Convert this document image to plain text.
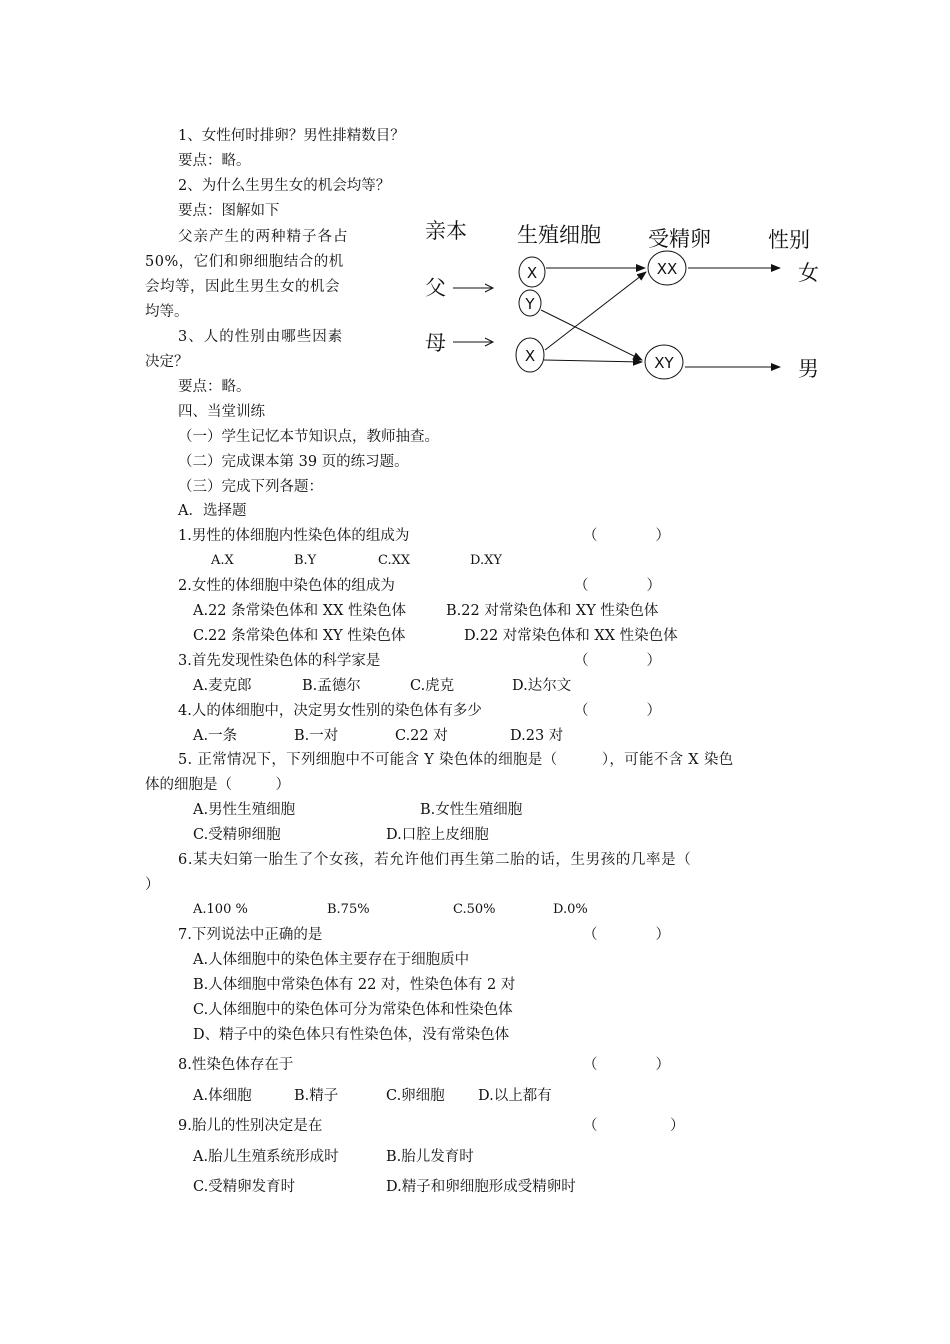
1、女性何时排卵？男性排精数目？
要点：略。
2、为什么生男生女的机会均等？
要点：图解如下
父亲产生的两种精子各占
50%，它们和卵细胞结合的机
会均等，因此生男生女的机会
均等。
3、人的性别由哪些因素
决定？
要点：略。
亲本 生殖细胞 受精卵	性别
父
母
X
Y
X
XX
XY
女
男
四、当堂训练
（一）学生记忆本节知识点，教师抽查。
（二）完成课本第 39 页的练习题。
（三）完成下列各题：
A．选择题
1.男性的体细胞内性染色体的组成为	（　　　　）
A.X	B.Y	C.XX	D.XY
2.女性的体细胞中染色体的组成为	（　　　　）
A.22 条常染色体和 XX 性染色体	B.22 对常染色体和 XY 性染色体
C.22 条常染色体和 XY 性染色体	D.22 对常染色体和 XX 性染色体
3.首先发现性染色体的科学家是	（　　　　）
A.麦克郎	B.孟德尔	C.虎克	D.达尔文
4.人的体细胞中，决定男女性别的染色体有多少	（　　　　）
A.一条	B.一对	C.22 对	D.23 对
5. 正常情况下，下列细胞中不可能含 Y 染色体的细胞是（　　　），可能不含 X 染色
体的细胞是（　　　）
A.男性生殖细胞	B.女性生殖细胞
C.受精卵细胞	D.口腔上皮细胞
6.某夫妇第一胎生了个女孩，若允许他们再生第二胎的话，生男孩的几率是（
）
A.100 %	B.75%	C.50%	D.0%
7.下列说法中正确的是	（　　　　）
A.人体细胞中的染色体主要存在于细胞质中
B.人体细胞中常染色体有 22 对，性染色体有 2 对
C.人体细胞中的染色体可分为常染色体和性染色体
D、精子中的染色体只有性染色体，没有常染色体
8.性染色体存在于	（　　　　）
A.体细胞	B.精子	C.卵细胞 D.以上都有
9.胎儿的性别决定是在	（　　　　　）
A.胎儿生殖系统形成时	B.胎儿发育时
C.受精卵发育时	D.精子和卵细胞形成受精卵时
